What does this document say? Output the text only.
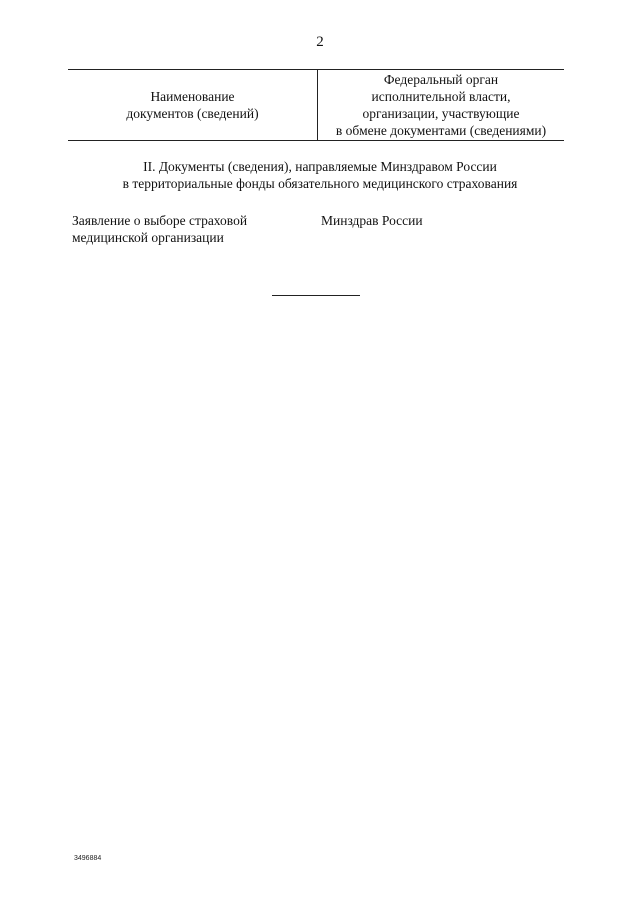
2
Наименование
документов (сведений)
Федеральный орган
исполнительной власти,
организации, участвующие
в обмене документами (сведениями)
II. Документы (сведения), направляемые Минздравом России
в территориальные фонды обязательного медицинского страхования
Заявление о выборе страховой
медицинской организации
Минздрав России
3496884
